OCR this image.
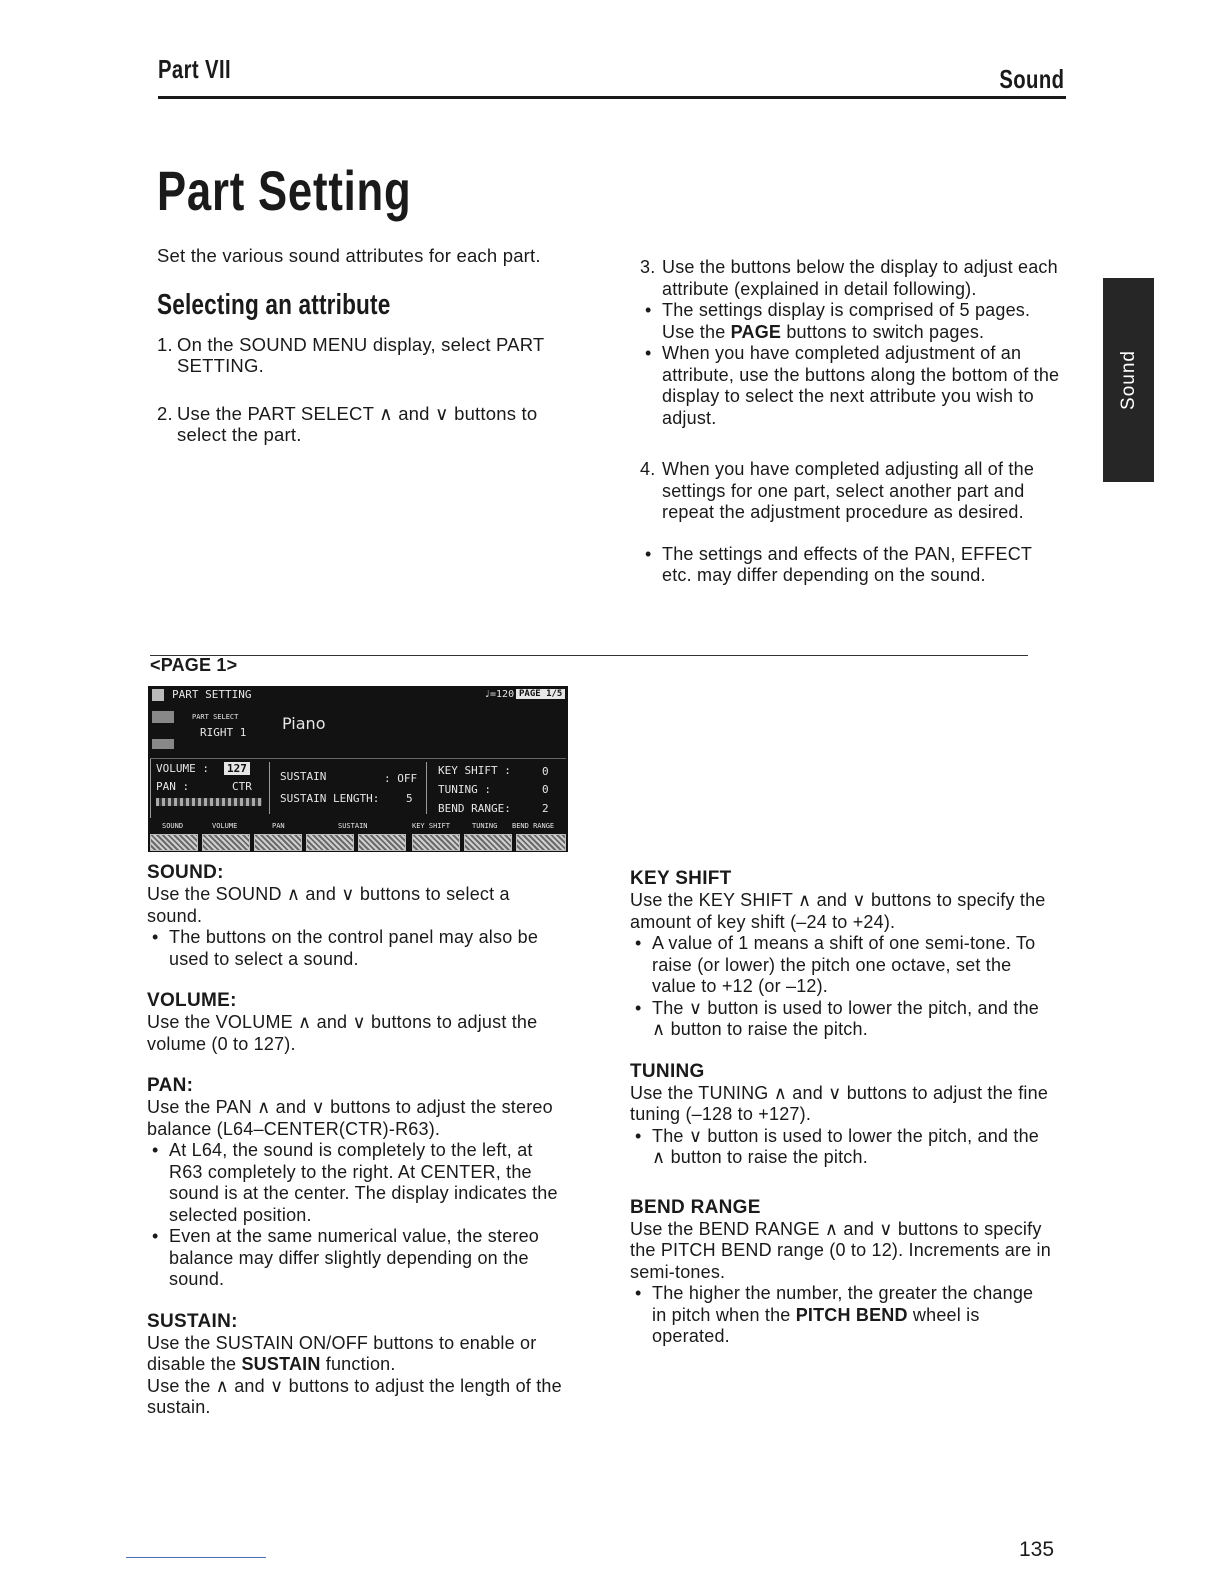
Part VII	Sound
Sound
Part Setting

Set the various sound attributes for each part.

Selecting an attribute
1. On the SOUND MENU display, select PART SETTING.
2. Use the PART SELECT ∧ and ∨ buttons to select the part.
3. Use the buttons below the display to adjust each attribute (explained in detail following).
• The settings display is comprised of 5 pages. Use the PAGE buttons to switch pages.
• When you have completed adjustment of an attribute, use the buttons along the bottom of the display to select the next attribute you wish to adjust.
4. When you have completed adjusting all of the settings for one part, select another part and repeat the adjustment procedure as desired.
• The settings and effects of the PAN, EFFECT etc. may differ depending on the sound.
<PAGE 1>
PART SETTING	♩=120 PAGE 1/5
PART SELECT
RIGHT 1 Piano
VOLUME : 127
PAN :	CTR
SUSTAIN	: OFF
SUSTAIN LENGTH: 5
KEY SHIFT :	0
TUNING :	0
BEND RANGE:	2
SOUND	VOLUME	PAN	SUSTAIN	KEY SHIFT	TUNING BEND RANGE
SOUND:

Use the SOUND ∧ and ∨ buttons to select a sound.

• The buttons on the control panel may also be used to select a sound.
VOLUME:

Use the VOLUME ∧ and ∨ buttons to adjust the volume (0 to 127).

PAN:

Use the PAN ∧ and ∨ buttons to adjust the stereo balance (L64–CENTER(CTR)-R63).

• At L64, the sound is completely to the left, at R63 completely to the right. At CENTER, the sound is at the center. The display indicates the selected position.
• Even at the same numerical value, the stereo balance may differ slightly depending on the sound.
SUSTAIN:

Use the SUSTAIN ON/OFF buttons to enable or disable the SUSTAIN function.

Use the ∧ and ∨ buttons to adjust the length of the sustain.

KEY SHIFT

Use the KEY SHIFT ∧ and ∨ buttons to specify the amount of key shift (–24 to +24).

• A value of 1 means a shift of one semi-tone. To raise (or lower) the pitch one octave, set the value to +12 (or –12).
• The ∨ button is used to lower the pitch, and the ∧ button to raise the pitch.
TUNING

Use the TUNING ∧ and ∨ buttons to adjust the fine tuning (–128 to +127).

• The ∨ button is used to lower the pitch, and the ∧ button to raise the pitch.
BEND RANGE

Use the BEND RANGE ∧ and ∨ buttons to specify the PITCH BEND range (0 to 12). Increments are in semi-tones.

• The higher the number, the greater the change in pitch when the PITCH BEND wheel is operated.
135
